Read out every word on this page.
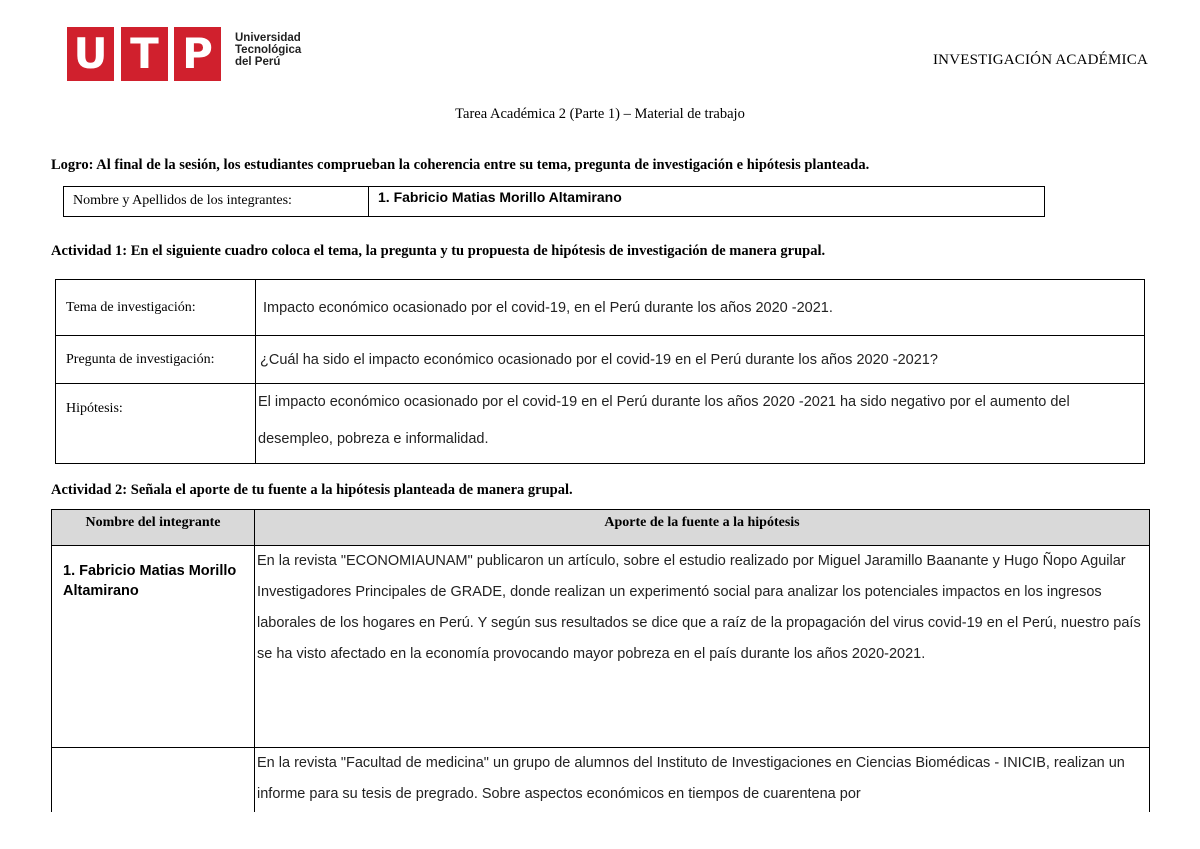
U T P	Universidad
Tecnológica
del Perú	INVESTIGACIÓN ACADÉMICA
Tarea Académica 2 (Parte 1) – Material de trabajo
Logro: Al final de la sesión, los estudiantes comprueban la coherencia entre su tema, pregunta de investigación e hipótesis planteada.
Nombre y Apellidos de los integrantes:	1. Fabricio Matias Morillo Altamirano
Actividad 1: En el siguiente cuadro coloca el tema, la pregunta y tu propuesta de hipótesis de investigación de manera grupal.
Tema de investigación:	Impacto económico ocasionado por el covid-19, en el Perú durante los años 2020 -2021.
Pregunta de investigación:	¿Cuál ha sido el impacto económico ocasionado por el covid-19 en el Perú durante los años 2020 -2021?
Hipótesis:	El impacto económico ocasionado por el covid-19 en el Perú durante los años 2020 -2021 ha sido negativo por el aumento del desempleo, pobreza e informalidad.
Actividad 2: Señala el aporte de tu fuente a la hipótesis planteada de manera grupal.
Nombre del integrante	Aporte de la fuente a la hipótesis
1. Fabricio Matias Morillo Altamirano	En la revista "ECONOMIAUNAM" publicaron un artículo, sobre el estudio realizado por Miguel Jaramillo Baanante y Hugo Ñopo Aguilar Investigadores Principales de GRADE, donde realizan un experimentó social para analizar los potenciales impactos en los ingresos laborales de los hogares en Perú. Y según sus resultados se dice que a raíz de la propagación del virus covid-19 en el Perú, nuestro país se ha visto afectado en la economía provocando mayor pobreza en el país durante los años 2020-2021.

	En la revista "Facultad de medicina" un grupo de alumnos del Instituto de Investigaciones en Ciencias Biomédicas - INICIB, realizan un informe para su tesis de pregrado. Sobre aspectos económicos en tiempos de cuarentena por
